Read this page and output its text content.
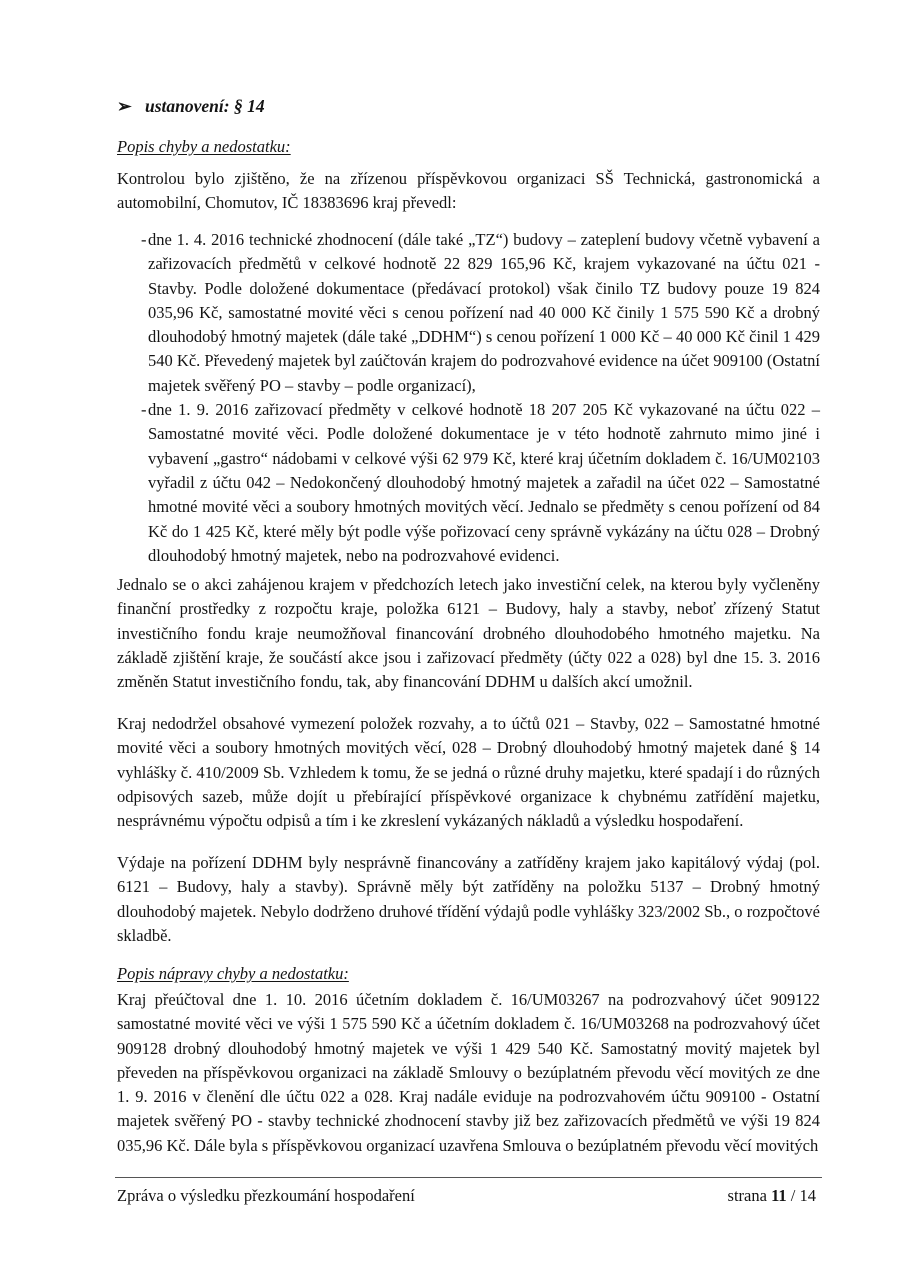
➢ ustanovení: § 14
Popis chyby a nedostatku:

Kontrolou bylo zjištěno, že na zřízenou příspěvkovou organizaci SŠ Technická, gastronomická a automobilní, Chomutov, IČ 18383696 kraj převedl:

- dne 1. 4. 2016 technické zhodnocení (dále také „TZ“) budovy – zateplení budovy včetně vybavení a zařizovacích předmětů v celkové hodnotě 22 829 165,96 Kč, krajem vykazované na účtu 021 - Stavby. Podle doložené dokumentace (předávací protokol) však činilo TZ budovy pouze 19 824 035,96 Kč, samostatné movité věci s cenou pořízení nad 40 000 Kč činily 1 575 590 Kč a drobný dlouhodobý hmotný majetek (dále také „DDHM“) s cenou pořízení 1 000 Kč – 40 000 Kč činil 1 429 540 Kč. Převedený majetek byl zaúčtován krajem do podrozvahové evidence na účet 909100 (Ostatní majetek svěřený PO – stavby – podle organizací),
- dne 1. 9. 2016 zařizovací předměty v celkové hodnotě 18 207 205 Kč vykazované na účtu 022 – Samostatné movité věci. Podle doložené dokumentace je v této hodnotě zahrnuto mimo jiné i vybavení „gastro“ nádobami v celkové výši 62 979 Kč, které kraj účetním dokladem č. 16/UM02103 vyřadil z účtu 042 – Nedokončený dlouhodobý hmotný majetek a zařadil na účet 022 – Samostatné hmotné movité věci a soubory hmotných movitých věcí. Jednalo se předměty s cenou pořízení od 84 Kč do 1 425 Kč, které měly být podle výše pořizovací ceny správně vykázány na účtu 028 – Drobný dlouhodobý hmotný majetek, nebo na podrozvahové evidenci.

Jednalo se o akci zahájenou krajem v předchozích letech jako investiční celek, na kterou byly vyčleněny finanční prostředky z rozpočtu kraje, položka 6121 – Budovy, haly a stavby, neboť zřízený Statut investičního fondu kraje neumožňoval financování drobného dlouhodobého hmotného majetku. Na základě zjištění kraje, že součástí akce jsou i zařizovací předměty (účty 022 a 028) byl dne 15. 3. 2016 změněn Statut investičního fondu, tak, aby financování DDHM u dalších akcí umožnil.

Kraj nedodržel obsahové vymezení položek rozvahy, a to účtů 021 – Stavby, 022 – Samostatné hmotné movité věci a soubory hmotných movitých věcí, 028 – Drobný dlouhodobý hmotný majetek dané § 14 vyhlášky č. 410/2009 Sb. Vzhledem k tomu, že se jedná o různé druhy majetku, které spadají i do různých odpisových sazeb, může dojít u přebírající příspěvkové organizace k chybnému zatřídění majetku, nesprávnému výpočtu odpisů a tím i ke zkreslení vykázaných nákladů a výsledku hospodaření.

Výdaje na pořízení DDHM byly nesprávně financovány a zatříděny krajem jako kapitálový výdaj (pol. 6121 – Budovy, haly a stavby). Správně měly být zatříděny na položku 5137 – Drobný hmotný dlouhodobý majetek. Nebylo dodrženo druhové třídění výdajů podle vyhlášky 323/2002 Sb., o rozpočtové skladbě.

Popis nápravy chyby a nedostatku:

Kraj přeúčtoval dne 1. 10. 2016 účetním dokladem č. 16/UM03267 na podrozvahový účet 909122 samostatné movité věci ve výši 1 575 590 Kč a účetním dokladem č. 16/UM03268 na podrozvahový účet 909128 drobný dlouhodobý hmotný majetek ve výši 1 429 540 Kč. Samostatný movitý majetek byl převeden na příspěvkovou organizaci na základě Smlouvy o bezúplatném převodu věcí movitých ze dne 1. 9. 2016 v členění dle účtu 022 a 028. Kraj nadále eviduje na podrozvahovém účtu 909100 - Ostatní majetek svěřený PO - stavby technické zhodnocení stavby již bez zařizovacích předmětů ve výši 19 824 035,96 Kč. Dále byla s příspěvkovou organizací uzavřena Smlouva o bezúplatném převodu věcí movitých

Zpráva o výsledku přezkoumání hospodaření	strana 11 / 14
